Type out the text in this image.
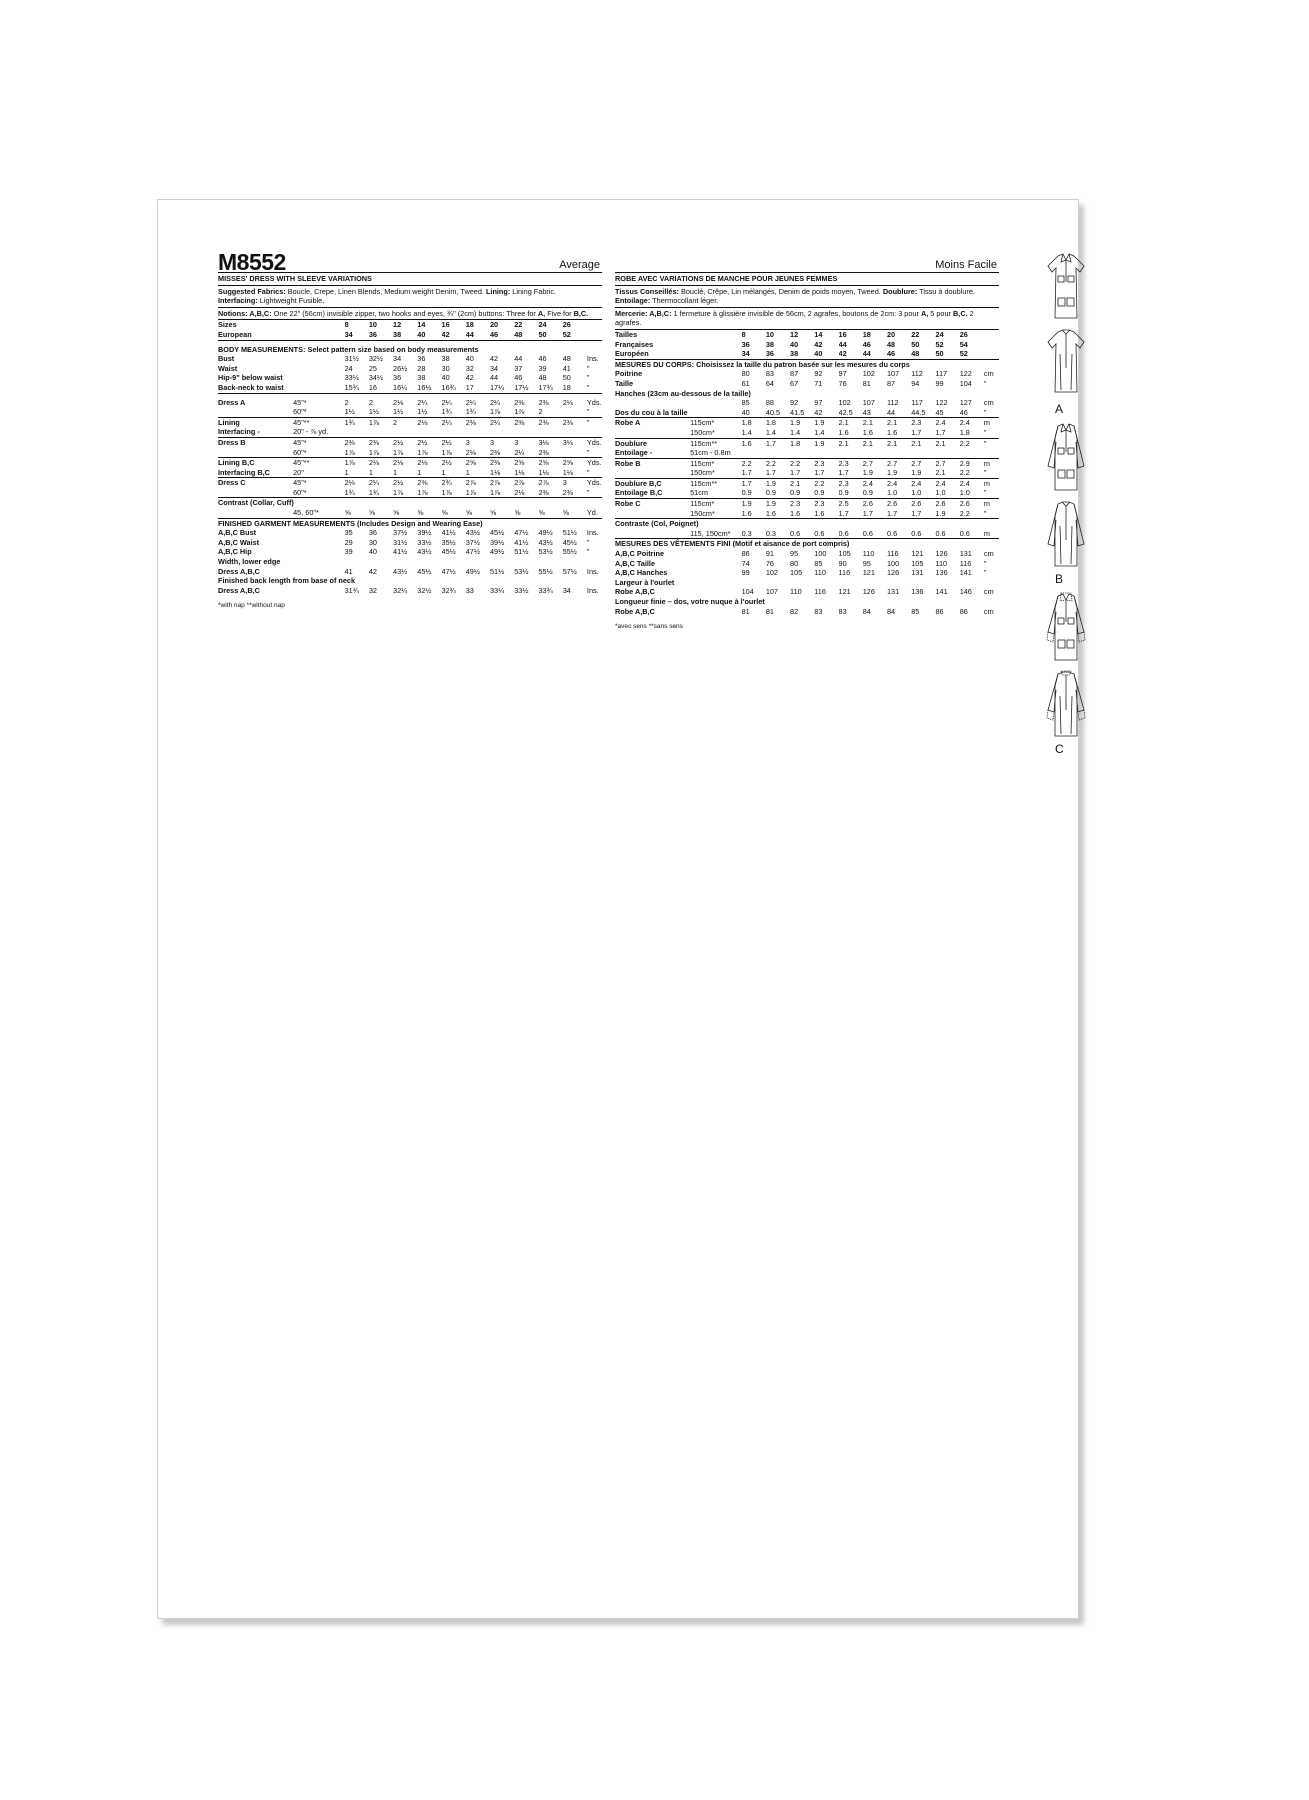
M8552	Average
MISSES' DRESS WITH SLEEVE VARIATIONS
Suggested Fabrics: Boucle, Crepe, Linen Blends, Medium weight Denim, Tweed. Lining: Lining Fabric.
Interfacing: Lightweight Fusible.
Notions: A,B,C: One 22" (56cm) invisible zipper, two hooks and eyes, ¾" (2cm) buttons: Three for A, Five for B,C.
Sizes		8	10	12	14	16	18	20	22	24	26	
European		34	36	38	40	42	44	46	48	50	52	
BODY MEASUREMENTS: Select pattern size based on body measurements												
Bust		31½	32½	34	36	38	40	42	44	46	48	Ins.
Waist		24	25	26½	28	30	32	34	37	39	41	"
Hip-9" below waist		33½	34½	36	38	40	42	44	46	48	50	"
Back-neck to waist		15¾	16	16¼	16½	16¾	17	17¼	17½	17¾	18	"
Dress A	45"*	2	2	2⅛	2¼	2¼	2¼	2¼	2⅜	2⅜	2⅛	Yds.
	60"*	1½	1½	1½	1½	1¾	1¾	1⅞	1⅞	2		"
Lining	45"**	1¾	1⅞	2	2⅛	2¼	2⅜	2¼	2⅜	2⅜	2⅜	"
Interfacing -	20" - ⅞ yd.											
Dress B	45"*	2⅜	2⅜	2½	2½	2½	3	3	3	3⅛	3⅛	Yds.
	60"*	1⅞	1⅞	1⅞	1⅞	1⅞	2⅛	2⅜	2¼	2⅜		"
Lining B,C	45"**	1⅞	2⅛	2⅛	2⅛	2½	2⅝	2⅜	2⅝	2⅝	2⅝	Yds.
Interfacing B,C	20"	1	1	1	1	1	1	1⅛	1⅛	1⅛	1⅛	"
Dress C	45"*	2⅛	2¼	2½	2⅜	2¾	2⅞	2⅞	2⅞	2⅞	3	Yds.
	60"*	1¾	1¾	1⅞	1⅞	1⅞	1⅞	1⅞	2⅛	2⅜	2⅜	"
Contrast (Collar, Cuff)												
	45, 60"*	⅝	⅝	⅝	⅝	⅝	⅝	⅝	⅝	⅝	⅝	Yd.
FINISHED GARMENT MEASUREMENTS (Includes Design and Wearing Ease)												
A,B,C Bust		35	36	37½	39½	41½	43½	45½	47½	49½	51½	Ins.
A,B,C Waist		29	30	31½	33½	35½	37½	39½	41½	43½	45½	"
A,B,C Hip		39	40	41½	43½	45½	47½	49½	51½	53½	55½	"
Width, lower edge												
Dress A,B,C		41	42	43½	45½	47½	49½	51½	53½	55½	57½	Ins.
Finished back length from base of neck												
Dress A,B,C		31¾	32	32¼	32½	32¾	33	33¼	33½	33¾	34	Ins.
*with nap **without nap
Moins Facile
ROBE AVEC VARIATIONS DE MANCHE POUR JEUNES FEMMES
Tissus Conseillés: Bouclé, Crêpe, Lin mélangés, Denim de poids moyen, Tweed. Doublure: Tissu à doublure.
Entoilage: Thermocollant léger.
Mercerie: A,B,C: 1 fermeture à glissière invisible de 56cm, 2 agrafes, boutons de 2cm: 3 pour A, 5 pour B,C. 2 agrafes.
Tailles		8	10	12	14	16	18	20	22	24	26	
Françaises		36	38	40	42	44	46	48	50	52	54	
Européen		34	36	38	40	42	44	46	48	50	52	
MESURES DU CORPS: Choisissez la taille du patron basée sur les mesures du corps												
Poitrine		80	83	87	92	97	102	107	112	117	122	cm
Taille		61	64	67	71	76	81	87	94	99	104	"
Hanches (23cm au-dessous de la taille)												
		85	88	92	97	102	107	112	117	122	127	cm
Dos du cou à la taille		40	40.5	41.5	42	42.5	43	44	44.5	45	46	"
Robe A	115cm*	1.8	1.8	1.9	1.9	2.1	2.1	2.1	2.3	2.4	2.4	m
	150cm*	1.4	1.4	1.4	1.4	1.6	1.6	1.6	1.7	1.7	1.8	"
Doublure	115cm**	1.6	1.7	1.8	1.9	2.1	2.1	2.1	2.1	2.1	2.2	"
Entoilage -	51cm - 0.8m											
Robe B	115cm*	2.2	2.2	2.2	2.3	2.3	2.7	2.7	2.7	2.7	2.9	m
	150cm*	1.7	1.7	1.7	1.7	1.7	1.9	1.9	1.9	2.1	2.2	"
Doublure B,C	115cm**	1.7	1.9	2.1	2.2	2.3	2.4	2.4	2.4	2.4	2.4	m
Entoilage B,C	51cm	0.9	0.9	0.9	0.9	0.9	0.9	1.0	1.0	1.0	1.0	"
Robe C	115cm*	1.9	1.9	2.3	2.3	2.5	2.6	2.6	2.6	2.6	2.6	m
	150cm*	1.6	1.6	1.6	1.6	1.7	1.7	1.7	1.7	1.9	2.2	"
Contraste (Col, Poignet)												
	115, 150cm*	0.3	0.3	0.6	0.6	0.6	0.6	0.6	0.6	0.6	0.6	m
MESURES DES VÊTEMENTS FINI (Motif et aisance de port compris)												
A,B,C Poitrine		86	91	95	100	105	110	116	121	126	131	cm
A,B,C Taille		74	76	80	85	90	95	100	105	110	116	"
A,B,C Hanches		99	102	105	110	116	121	126	131	136	141	"
Largeur à l'ourlet												
Robe A,B,C		104	107	110	116	121	126	131	136	141	146	cm
Longueur finie – dos, votre nuque à l'ourlet												
Robe A,B,C		81	81	82	83	83	84	84	85	86	86	cm
*avec sens **sans sens
A
B
C
